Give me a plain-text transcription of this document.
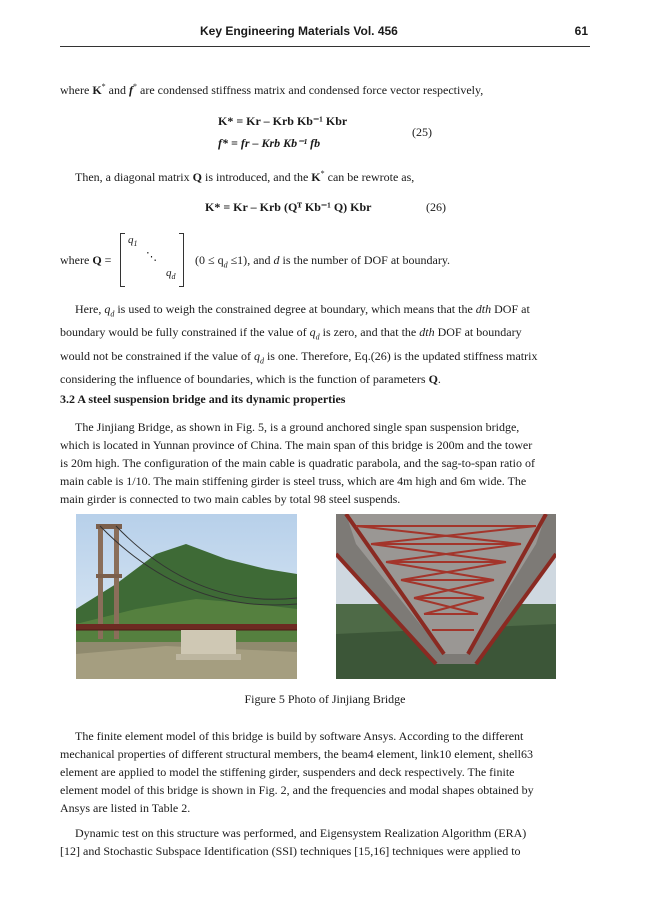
Key Engineering Materials Vol. 456	61
where K* and f* are condensed stiffness matrix and condensed force vector respectively,
K* = Kr – Krb Kb⁻¹ Kbr
f* = fr – Krb Kb⁻¹ fb
(25)
Then, a diagonal matrix Q is introduced, and the K* can be rewrote as,
K* = Kr – Krb (Qᵀ Kb⁻¹ Q) Kbr	(26)
where Q =
$q_1$
⋱
$q_d$
$(0 \le q_d \le 1)$, and d is the number of DOF at boundary.
Here, $q_d$ is used to weigh the constrained degree at boundary, which means that the dth DOF at
boundary would be fully constrained if the value of $q_d$ is zero, and that the dth DOF at boundary
would not be constrained if the value of $q_d$ is one. Therefore, Eq.(26) is the updated stiffness matrix
considering the influence of boundaries, which is the function of parameters Q.
3.2 A steel suspension bridge and its dynamic properties
The Jinjiang Bridge, as shown in Fig. 5, is a ground anchored single span suspension bridge,
which is located in Yunnan province of China. The main span of this bridge is 200m and the tower
is 20m high. The configuration of the main cable is quadratic parabola, and the sag-to-span ratio of
main cable is 1/10. The main stiffening girder is steel truss, which are 4m high and 6m wide. The
main girder is connected to two main cables by total 98 steel suspends.
Figure 5 Photo of Jinjiang Bridge
The finite element model of this bridge is build by software Ansys. According to the different
mechanical properties of different structural members, the beam4 element, link10 element, shell63
element are applied to model the stiffening girder, suspenders and deck respectively. The finite
element model of this bridge is shown in Fig. 2, and the frequencies and modal shapes obtained by
Ansys are listed in Table 2.
Dynamic test on this structure was performed, and Eigensystem Realization Algorithm (ERA)
[12] and Stochastic Subspace Identification (SSI) techniques [15,16] techniques were applied to
